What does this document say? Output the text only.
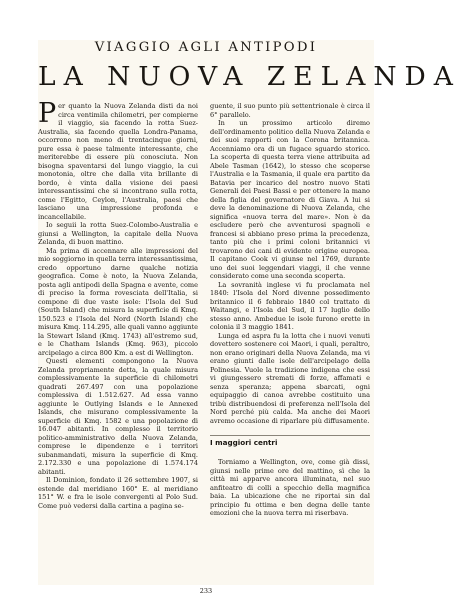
VIAGGIO AGLI ANTIPODI
LA NUOVA ZELANDA

Per quanto la Nuova Zelanda disti da noi circa ventimila chilometri, per compierne il viaggio, sia facendo la rotta Suez-Australia, sia facendo quella Londra-Panama, occorrono non meno di trentacinque giorni, pure essa è paese talmente interessante, che meriterebbe di essere più conosciuta. Non bisogna spaventarsi del lungo viaggio, la cui monotonia, oltre che dalla vita brillante di bordo, è vinta dalla visione dei paesi interessantissimi che si incontrano sulla rotta, come l'Egitto, Ceylon, l'Australia, paesi che lasciano una impressione profonda e incancellabile.

Io seguii la rotta Suez-Colombo-Australia e giunsi a Wellington, la capitale della Nuova Zelanda, di buon mattino.

Ma prima di accennare alle impressioni del mio soggiorno in quella terra interessantissima, credo opportuno darne qualche notizia geografica. Come è noto, la Nuova Zelanda, posta agli antipodi della Spagna e avente, come di preciso la forma rovesciata dell'Italia, si compone di due vaste isole: l'Isola del Sud (South Island) che misura la superficie di Kmq. 150.523 e l'Isola del Nord (North Island) che misura Kmq. 114.295, alle quali vanno aggiunte la Stewart Island (Kmq. 1743) all'estremo sud, e le Chatham Islands (Kmq. 963), piccolo arcipelago a circa 800 Km. a est di Wellington.

Questi elementi compongono la Nuova Zelanda propriamente detta, la quale misura complessivamente la superficie di chilometri quadrati 267.497 con una popolazione complessiva di 1.512.627. Ad essa vanno aggiunte le Outlying Islands e le Annexed Islands, che misurano complessivamente la superficie di Kmq. 1582 e una popolazione di 16.047 abitanti. In complesso il territorio politico-amministrativo della Nuova Zelanda, comprese le dipendenze e i territori subanmandati, misura la superficie di Kmq. 2.172.330 e una popolazione di 1.574.174 abitanti.

Il Dominion, fondato il 26 settembre 1907, si estende dal meridiano 160° E. al meridiano 151° W. e fra le isole convergenti al Polo Sud. Come può vedersi dalla cartina a pagina se-

guente, il suo punto più settentrionale è circa il 6° parallelo.

In un prossimo articolo diremo dell'ordinamento politico della Nuova Zelanda e dei suoi rapporti con la Corona britannica. Accenniamo ora di un fugace sguardo storico. La scoperta di questa terra viene attribuita ad Abele Tasman (1642), lo stesso che scoperse l'Australia e la Tasmania, il quale era partito da Batavia per incarico del nostro nuovo Stati Generali dei Paesi Bassi e per ottenere la mano della figlia del governatore di Giava. A lui si deve la denominazione di Nuova Zelanda, che significa «nuova terra del mare». Non è da escludere però che avventurosi spagnoli e francesi si abbiano preso prima la precedenza, tanto più che i primi coloni britannici vi trovarono dei cani di evidente origine europea. Il capitano Cook vi giunse nel 1769, durante uno dei suoi leggendari viaggi, il che venne considerato come una seconda scoperta.

La sovranità inglese vi fu proclamata nel 1840: l'Isola del Nord divenne possedimento britannico il 6 febbraio 1840 col trattato di Waitangi, e l'Isola del Sud, il 17 luglio dello stesso anno. Ambedue le isole furono erette in colonia il 3 maggio 1841.

Lunga ed aspra fu la lotta che i nuovi venuti dovettero sostenere coi Maori, i quali, peraltro, non erano originari della Nuova Zelanda, ma vi erano giunti dalle isole dell'arcipelago della Polinesia. Vuole la tradizione indigena che essi vi giungessero stremati di forze, affamati e senza speranza; appena sbarcati, ogni equipaggio di canoa avrebbe costituito una tribù distribuendosi di preferenza nell'Isola del Nord perché più calda. Ma anche dei Maori avremo occasione di riparlare più diffusamente.

I maggiori centri

Torniamo a Wellington, ove, come già dissi, giunsi nelle prime ore del mattino, sì che la città mi apparve ancora illuminata, nel suo anfiteatro di colli a specchio della magnifica baia. La ubicazione che ne riportai sin dal principio fu ottima e ben degna delle tante emozioni che la nuova terra mi riserbava.

233
